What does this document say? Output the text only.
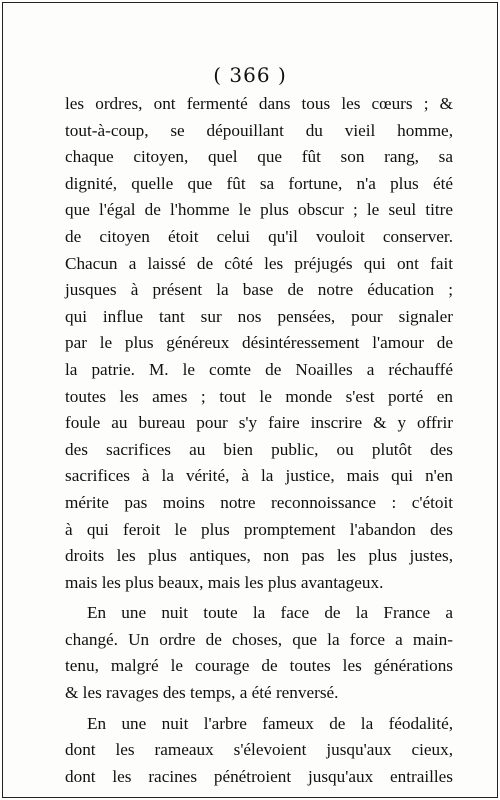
( 366 )
les ordres, ont fermenté dans tous les cœurs ; &
tout-à-coup, se dépouillant du vieil homme,
chaque citoyen, quel que fût son rang, sa
dignité, quelle que fût sa fortune, n'a plus été
que l'égal de l'homme le plus obscur ; le seul titre
de citoyen étoit celui qu'il vouloit conserver.
Chacun a laissé de côté les préjugés qui ont fait
jusques à présent la base de notre éducation ;
qui influe tant sur nos pensées, pour signaler
par le plus généreux désintéressement l'amour de
la patrie. M. le comte de Noailles a réchauffé
toutes les ames ; tout le monde s'est porté en
foule au bureau pour s'y faire inscrire & y offrir
des sacrifices au bien public, ou plutôt des
sacrifices à la vérité, à la justice, mais qui n'en
mérite pas moins notre reconnoissance : c'étoit
à qui feroit le plus promptement l'abandon des
droits les plus antiques, non pas les plus justes,
mais les plus beaux, mais les plus avantageux.
En une nuit toute la face de la France a
changé. Un ordre de choses, que la force a main-
tenu, malgré le courage de toutes les générations
& les ravages des temps, a été renversé.
En une nuit l'arbre fameux de la féodalité,
dont les rameaux s'élevoient jusqu'aux cieux,
dont les racines pénétroient jusqu'aux entrailles
